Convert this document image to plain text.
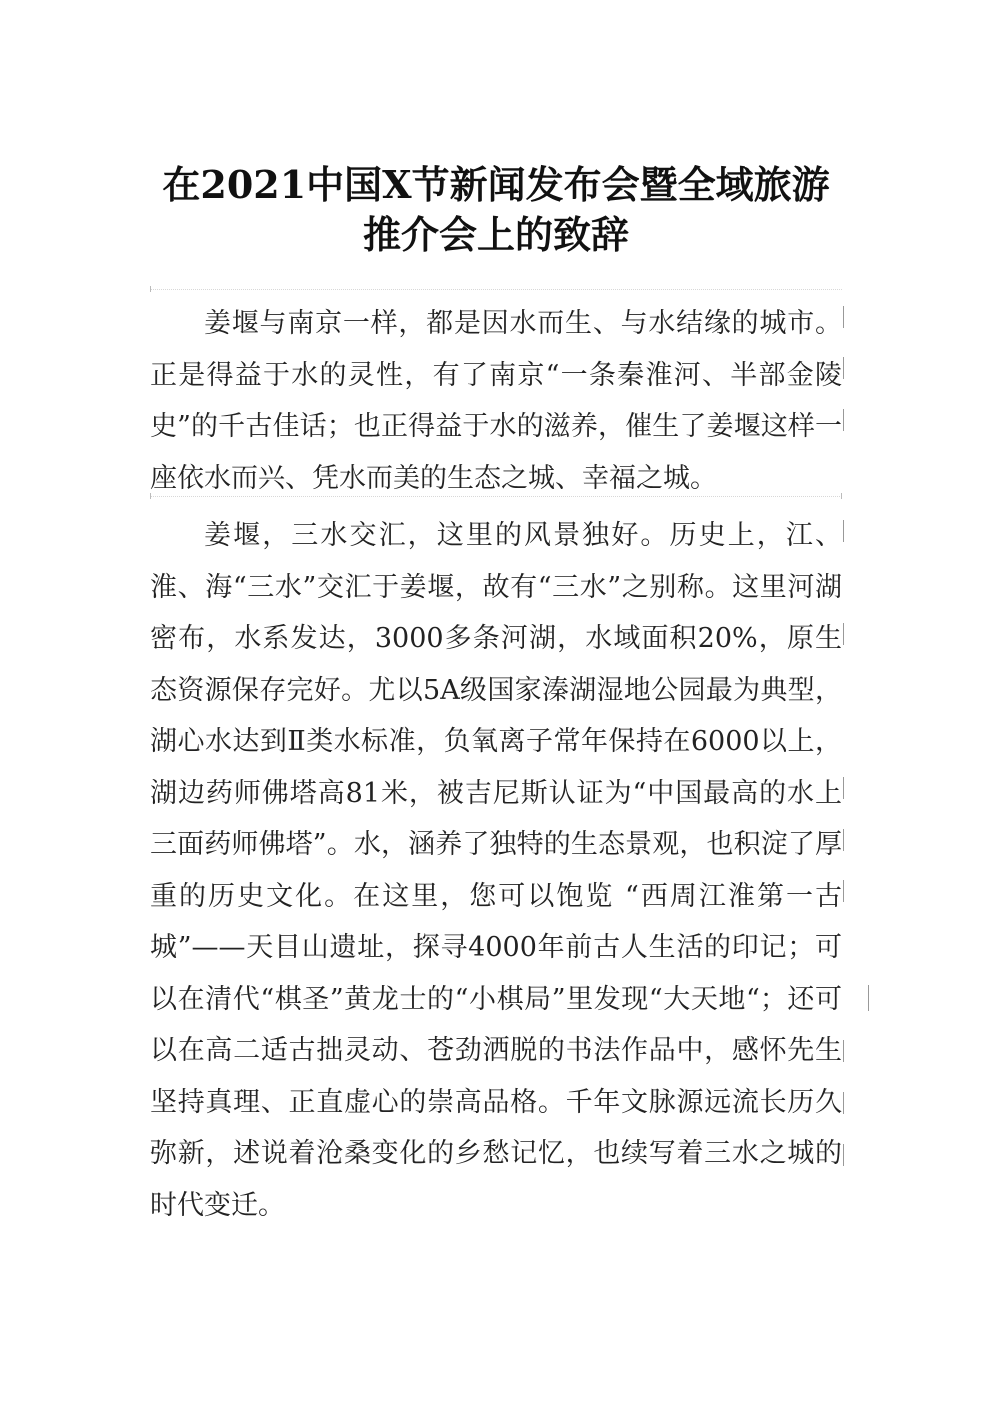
在2021中国X节新闻发布会暨全域旅游推介会上的致辞

姜堰与南京一样，都是因水而生、与水结缘的城市。正是得益于水的灵性，有了南京“一条秦淮河、半部金陵史”的千古佳话；也正得益于水的滋养，催生了姜堰这样一座依水而兴、凭水而美的生态之城、幸福之城。

姜堰，三水交汇，这里的风景独好。历史上，江、淮、海“三水”交汇于姜堰，故有“三水”之别称。这里河湖密布，水系发达，3000多条河湖，水域面积20%，原生态资源保存完好。尤以5A级国家溱湖湿地公园最为典型，湖心水达到Ⅱ类水标准，负氧离子常年保持在6000以上，湖边药师佛塔高81米，被吉尼斯认证为“中国最高的水上三面药师佛塔”。水，涵养了独特的生态景观，也积淀了厚重的历史文化。在这里，您可以饱览 “西周江淮第一古城”——天目山遗址，探寻4000年前古人生活的印记；可以在清代“棋圣”黄龙士的“小棋局”里发现“大天地“；还可以在高二适古拙灵动、苍劲洒脱的书法作品中，感怀先生坚持真理、正直虚心的崇高品格。千年文脉源远流长历久弥新，述说着沧桑变化的乡愁记忆，也续写着三水之城的时代变迁。
